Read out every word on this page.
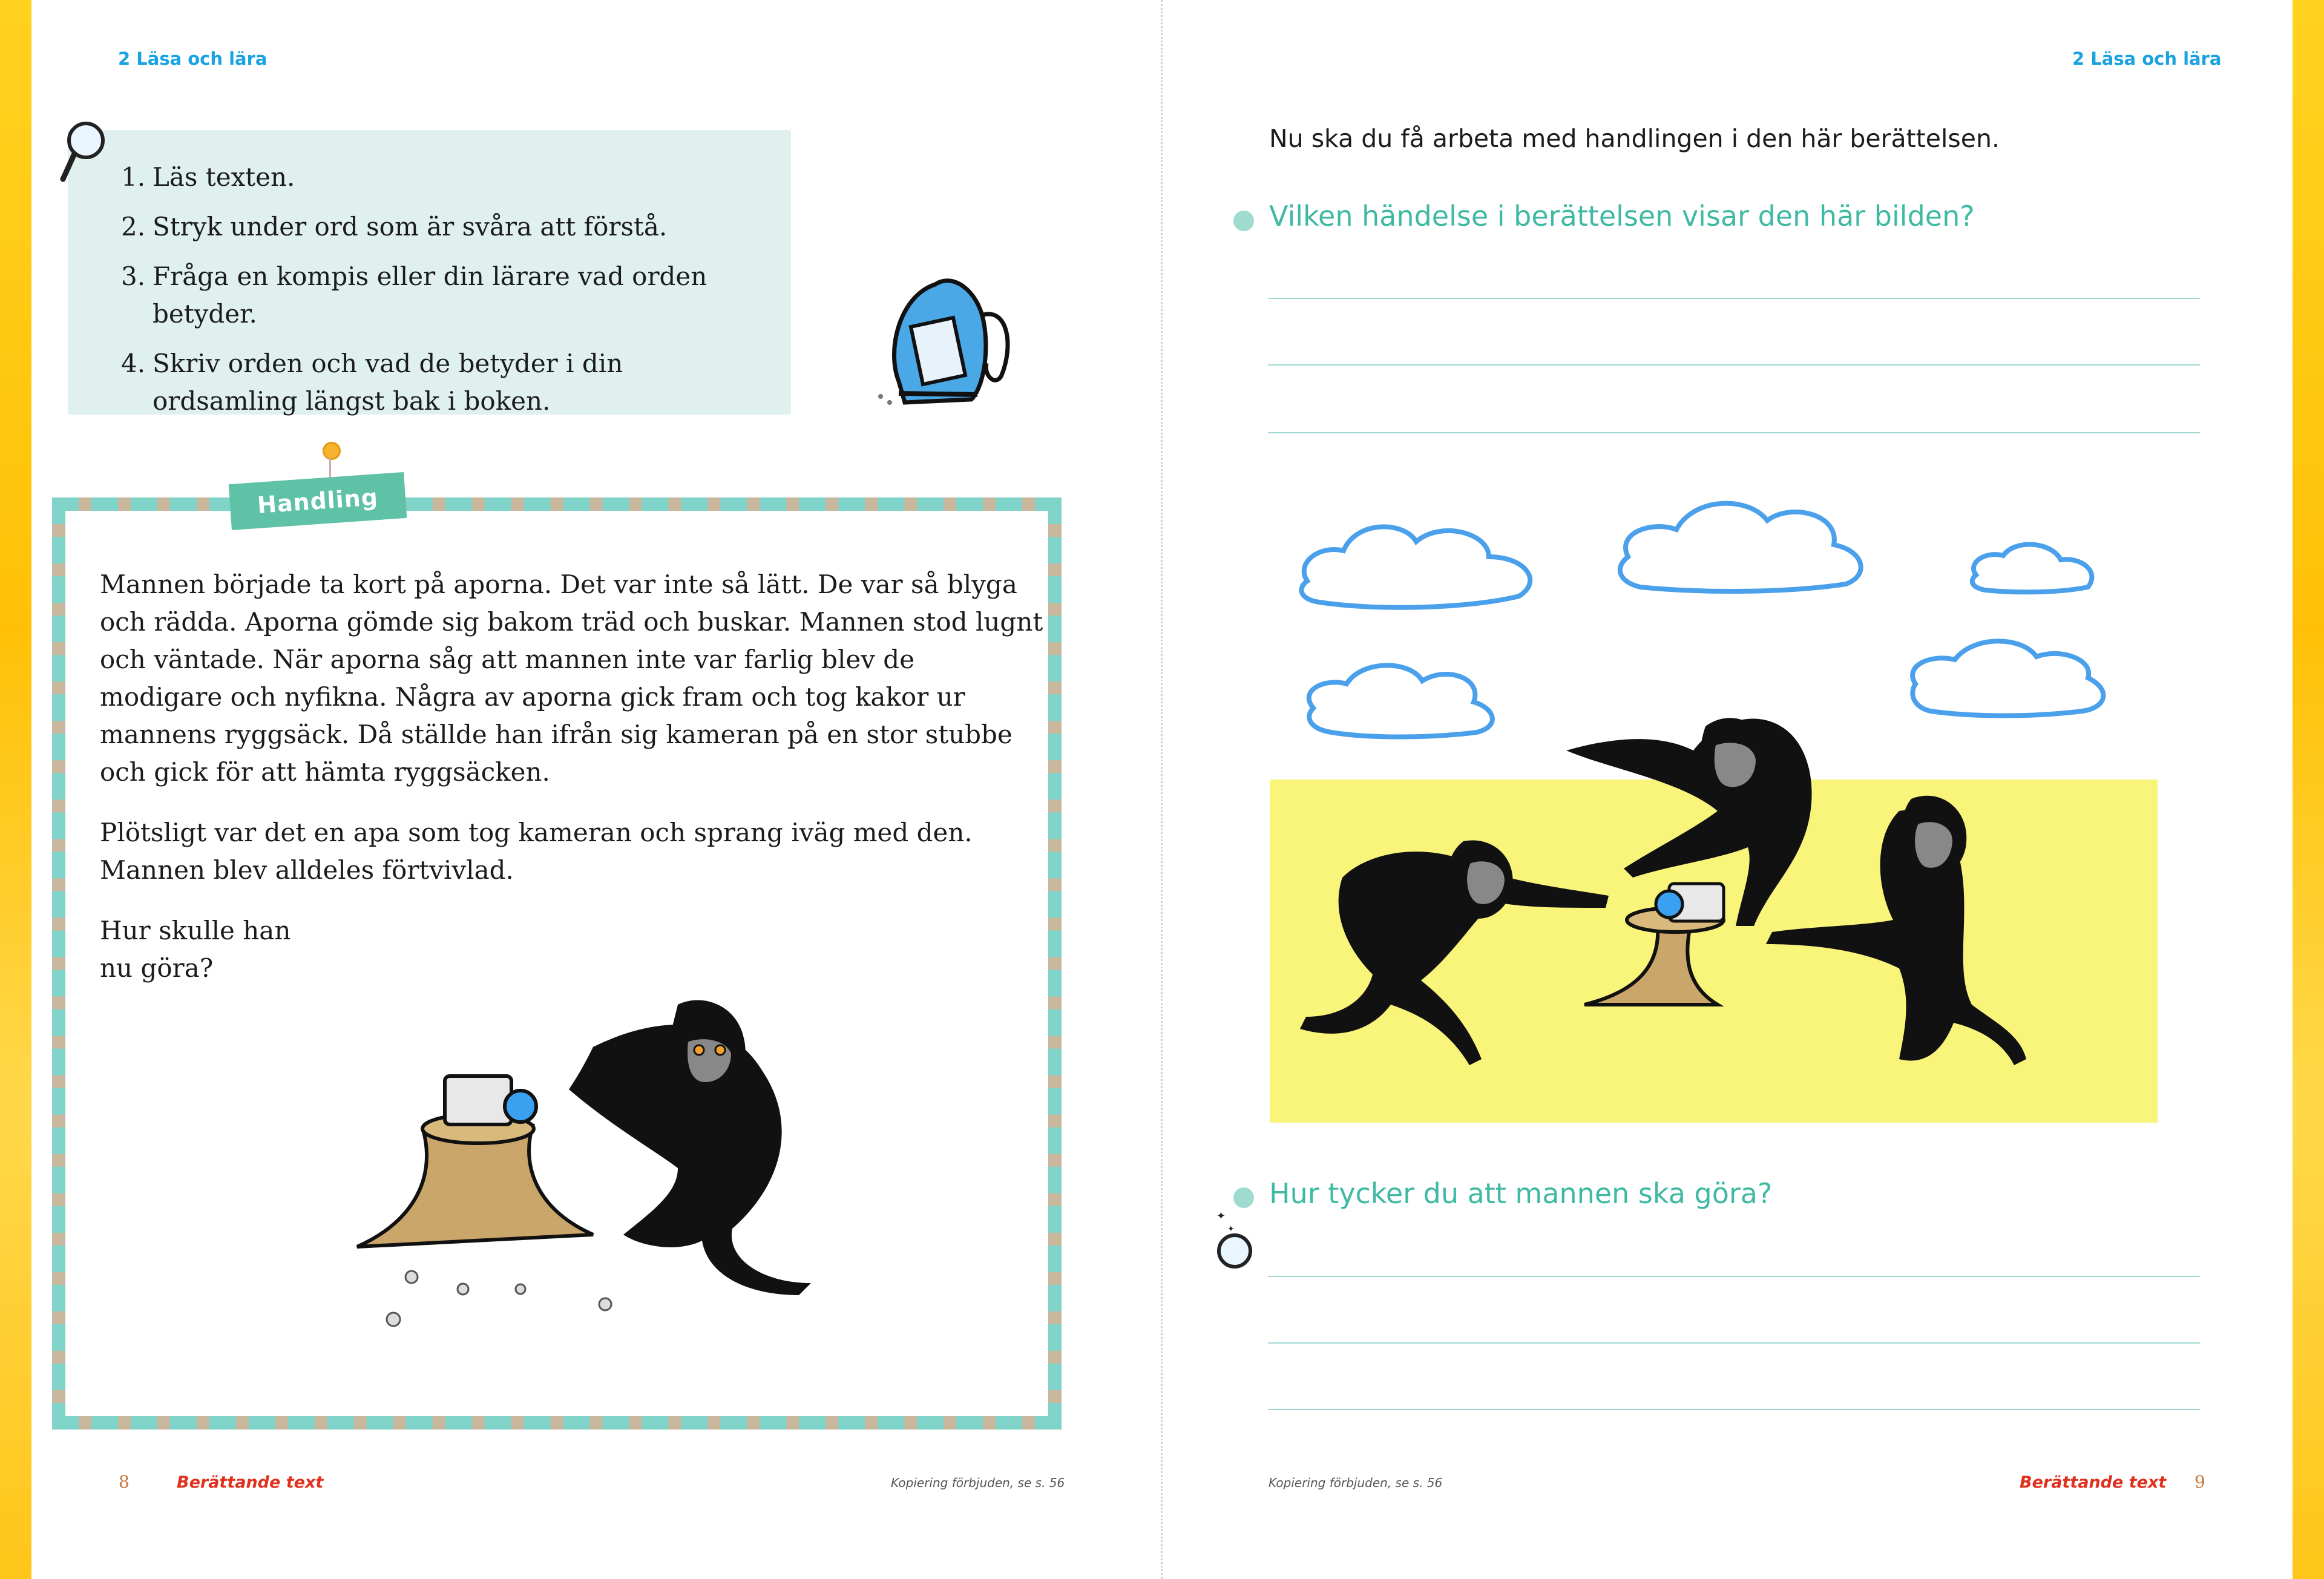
2 Läsa och lära	2 Läsa och lära
1. Läs texten.
2. Stryk under ord som är svåra att förstå.
3. Fråga en kompis eller din lärare vad orden betyder.
4. Skriv orden och vad de betyder i din ordsamling längst bak i boken.
Handling

Mannen började ta kort på aporna. Det var inte så lätt. De var så blyga och rädda. Aporna gömde sig bakom träd och buskar. Mannen stod lugnt och väntade. När aporna såg att mannen inte var farlig blev de modigare och nyfikna. Några av aporna gick fram och tog kakor ur mannens ryggsäck. Då ställde han ifrån sig kameran på en stor stubbe och gick för att hämta ryggsäcken.

Plötsligt var det en apa som tog kameran och sprang iväg med den. Mannen blev alldeles förtvivlad.

Hur skulle han
nu göra?
Nu ska du få arbeta med handlingen i den här berättelsen.
Vilken händelse i berättelsen visar den här bilden?
✦
✦
Hur tycker du att mannen ska göra?
8	Berättande text	Kopiering förbjuden, se s. 56	Kopiering förbjuden, se s. 56	Berättande text 9
